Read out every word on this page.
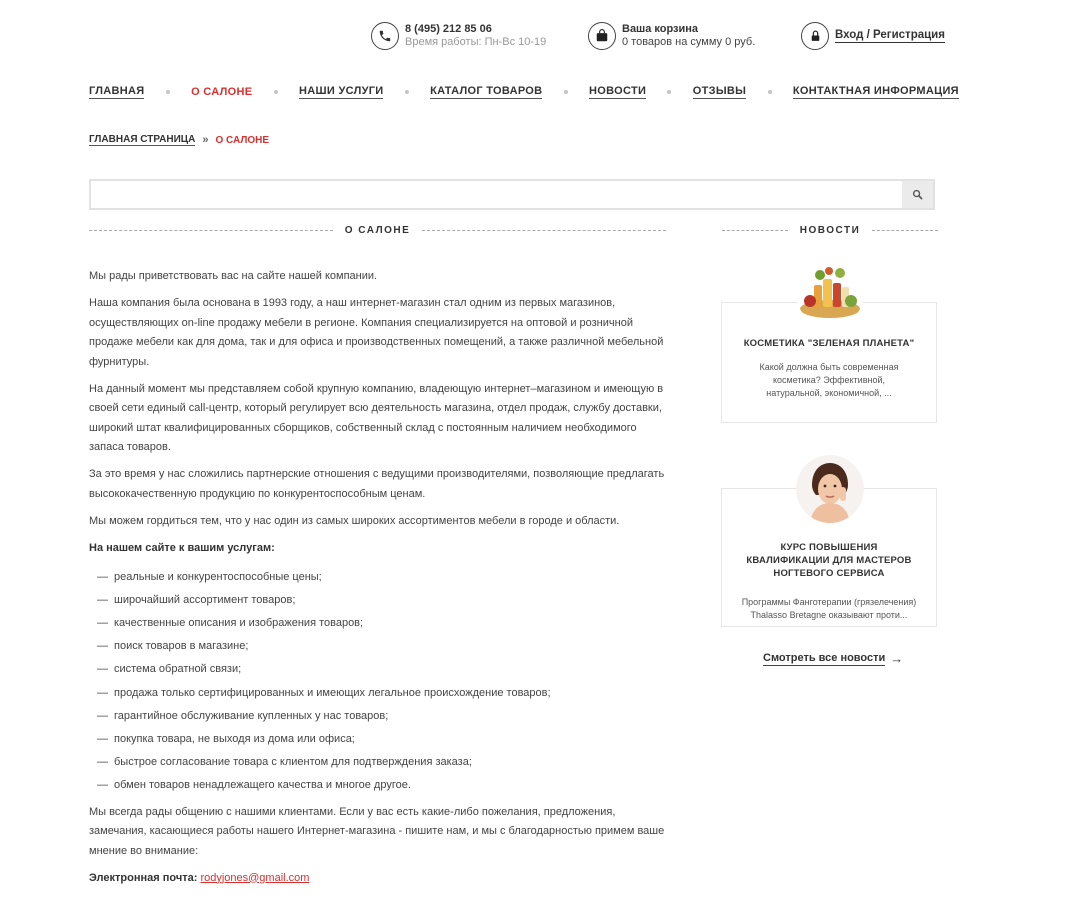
8 (495) 212 85 06
Время работы: Пн-Вс 10-19
Ваша корзина
0 товаров на сумму 0 руб.
Вход / Регистрация
ГЛАВНАЯ	О САЛОНЕ	НАШИ УСЛУГИ	КАТАЛОГ ТОВАРОВ	НОВОСТИ	ОТЗЫВЫ	КОНТАКТНАЯ ИНФОРМАЦИЯ
ГЛАВНАЯ СТРАНИЦА » О САЛОНЕ
О САЛОНЕ	НОВОСТИ

Мы рады приветствовать вас на сайте нашей компании.

Наша компания была основана в 1993 году, а наш интернет-магазин стал одним из первых магазинов, осуществляющих on-line продажу мебели в регионе. Компания специализируется на оптовой и розничной продаже мебели как для дома, так и для офиса и производственных помещений, а также различной мебельной фурнитуры.

На данный момент мы представляем собой крупную компанию, владеющую интернет–магазином и имеющую в своей сети единый call-центр, который регулирует всю деятельность магазина, отдел продаж, службу доставки, широкий штат квалифицированных сборщиков, собственный склад с постоянным наличием необходимого запаса товаров.

За это время у нас сложились партнерские отношения с ведущими производителями, позволяющие предлагать высококачественную продукцию по конкурентоспособным ценам.

Мы можем гордиться тем, что у нас один из самых широких ассортиментов мебели в городе и области.

На нашем сайте к вашим услугам:

— реальные и конкурентоспособные цены;
— широчайший ассортимент товаров;
— качественные описания и изображения товаров;
— поиск товаров в магазине;
— система обратной связи;
— продажа только сертифицированных и имеющих легальное происхождение товаров;
— гарантийное обслуживание купленных у нас товаров;
— покупка товара, не выходя из дома или офиса;
— быстрое согласование товара с клиентом для подтверждения заказа;
— обмен товаров ненадлежащего качества и многое другое.

Мы всегда рады общению с нашими клиентами. Если у вас есть какие-либо пожелания, предложения, замечания, касающиеся работы нашего Интернет-магазина - пишите нам, и мы с благодарностью примем ваше мнение во внимание:

Электронная почта: rodyjones@gmail.com

КОСМЕТИКА "ЗЕЛЕНАЯ ПЛАНЕТА"
Какой должна быть современная косметика? Эффективной, натуральной, экономичной, ...
КУРС ПОВЫШЕНИЯ КВАЛИФИКАЦИИ ДЛЯ МАСТЕРОВ НОГТЕВОГО СЕРВИСА
Программы Фанготерапии (грязелечения) Thalasso Bretagne оказывают проти...
Смотреть все новости →
